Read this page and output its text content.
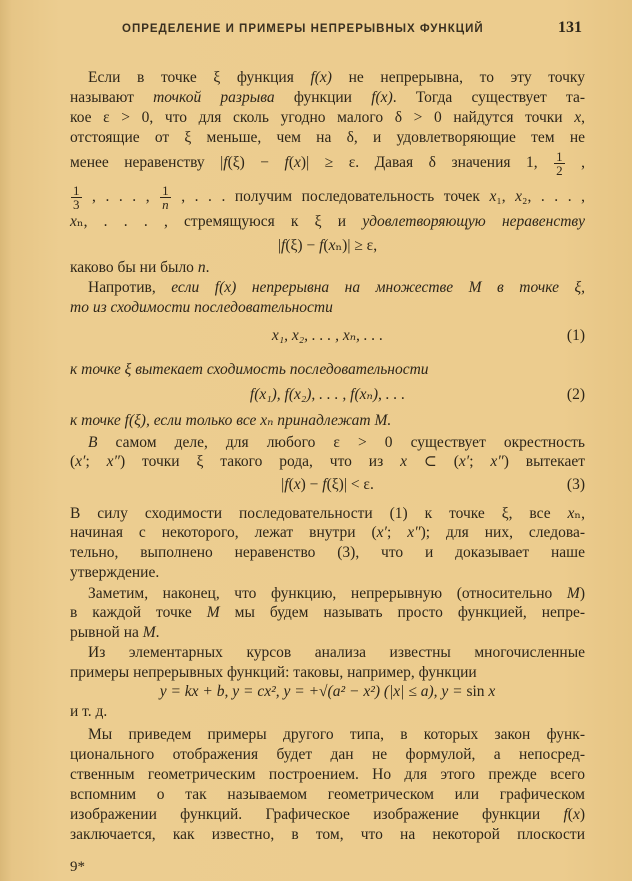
ОПРЕДЕЛЕНИЕ И ПРИМЕРЫ НЕПРЕРЫВНЫХ ФУНКЦИЙ	131
Если в точке ξ функция f(x) не непрерывна, то эту точку
называют точкой разрыва функции f(x). Тогда существует та-
кое ε > 0, что для сколь угодно малого δ > 0 найдутся точки x,
отстоящие от ξ меньше, чем на δ, и удовлетворяющие тем не
менее неравенству |f(ξ) − f(x)| ≥ ε. Давая δ значения 1, $\frac{1}{2}$ ,
$\frac{1}{3}$ , . . . , $\frac{1}{n}$ , . . . получим последовательность точек x₁, x₂, . . . ,
xₙ, . . . , стремящуюся к ξ и удовлетворяющую неравенству
|f(ξ) − f(xₙ)| ≥ ε,
каково бы ни было n.
Напротив, если f(x) непрерывна на множестве M в точке ξ,
то из сходимости последовательности
x₁, x₂, . . . , xₙ, . . .	(1)
к точке ξ вытекает сходимость последовательности
f(x₁), f(x₂), . . . , f(xₙ), . . .	(2)
к точке f(ξ), если только все xₙ принадлежат M.
B самом деле, для любого ε > 0 существует окрестность
(x′; x″) точки ξ такого рода, что из x ⊂ (x′; x″) вытекает
|f(x) − f(ξ)| < ε.	(3)
В силу сходимости последовательности (1) к точке ξ, все xₙ,
начиная с некоторого, лежат внутри (x′; x″); для них, следова-
тельно, выполнено неравенство (3), что и доказывает наше
утверждение.
Заметим, наконец, что функцию, непрерывную (относительно M)
в каждой точке M мы будем называть просто функцией, непре-
рывной на M.
Из элементарных курсов анализа известны многочисленные
примеры непрерывных функций: таковы, например, функции
y = kx + b, y = cx², y = +√(a² − x²) (|x| ≤ a), y = sin x
и т. д.
Мы приведем примеры другого типа, в которых закон функ-
ционального отображения будет дан не формулой, а непосред-
ственным геометрическим построением. Но для этого прежде всего
вспомним о так называемом геометрическом или графическом
изображении функций. Графическое изображение функции f(x)
заключается, как известно, в том, что на некоторой плоскости
9*
